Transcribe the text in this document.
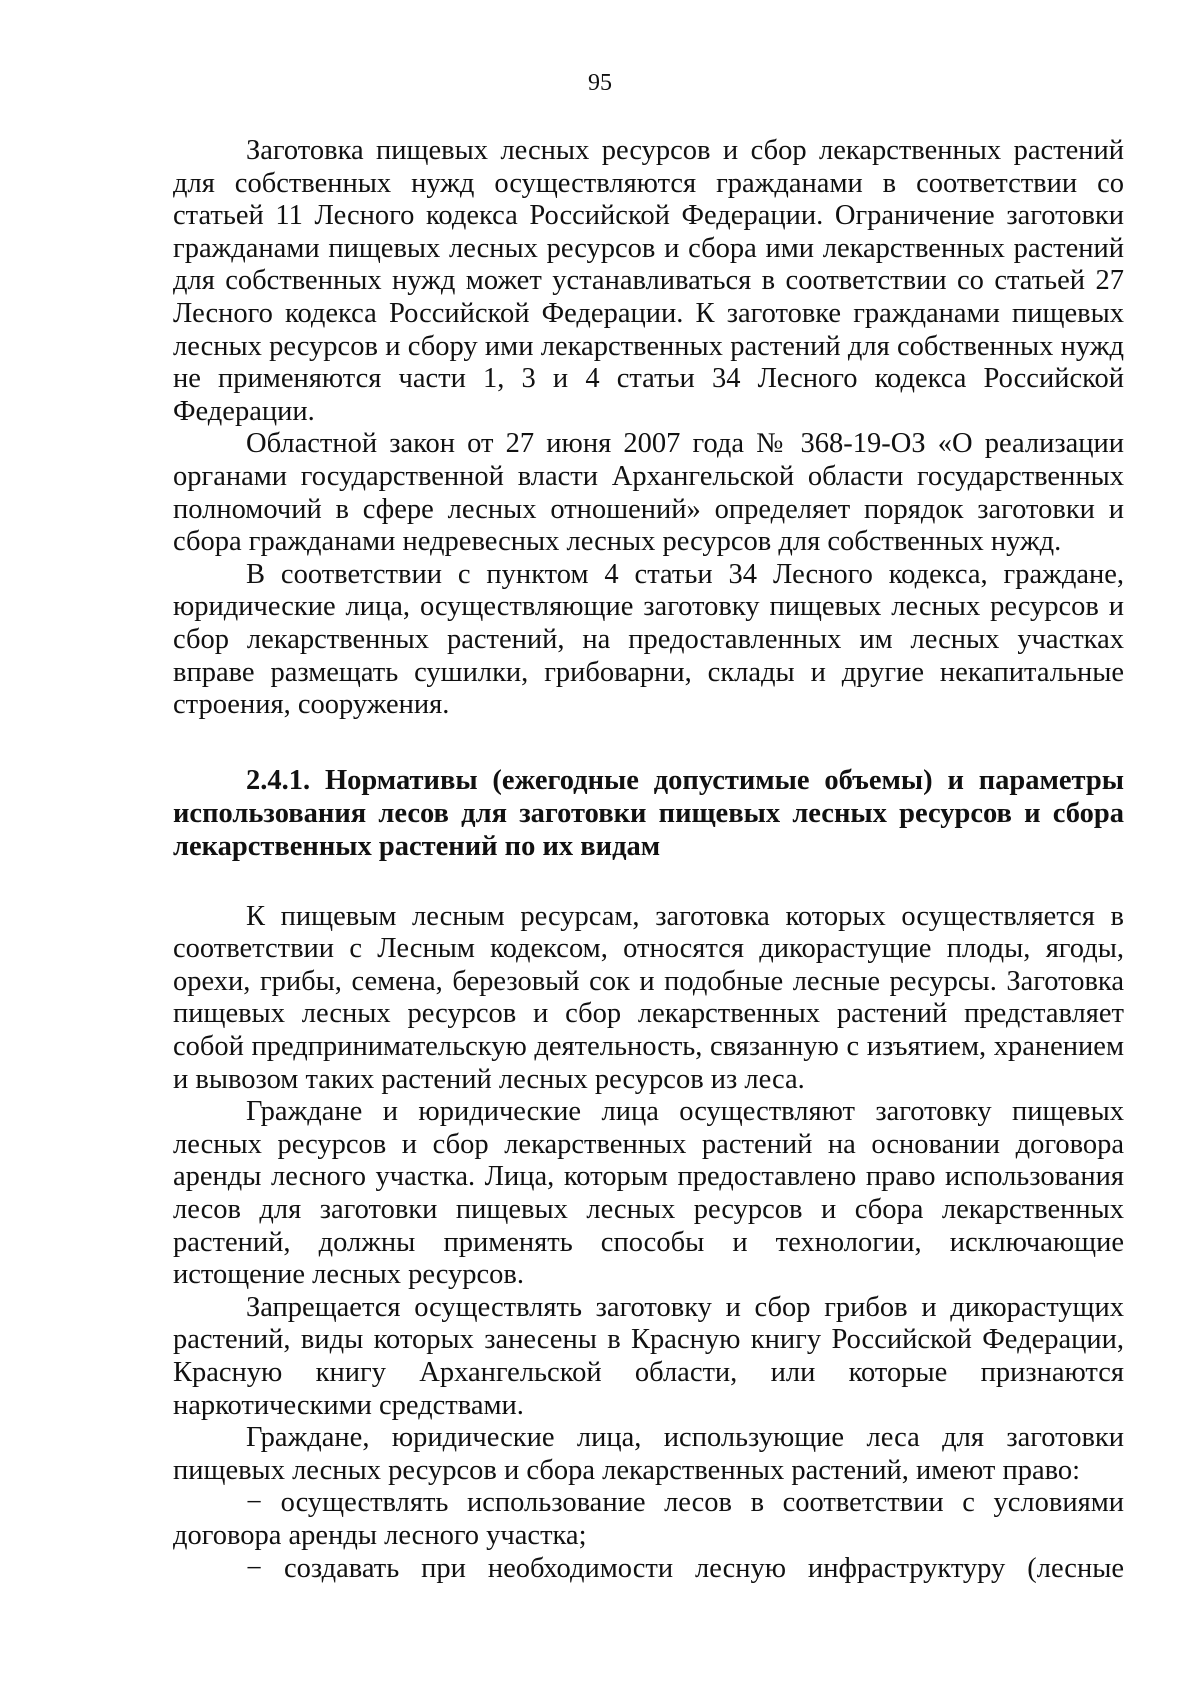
95

Заготовка пищевых лесных ресурсов и сбор лекарственных растений для собственных нужд осуществляются гражданами в соответствии со статьей 11 Лесного кодекса Российской Федерации. Ограничение заготовки гражданами пищевых лесных ресурсов и сбора ими лекарственных растений для собственных нужд может устанавливаться в соответствии со статьей 27 Лесного кодекса Российской Федерации. К заготовке гражданами пищевых лесных ресурсов и сбору ими лекарственных растений для собственных нужд не применяются части 1, 3 и 4 статьи 34 Лесного кодекса Российской Федерации.

Областной закон от 27 июня 2007 года № 368-19-ОЗ «О реализации органами государственной власти Архангельской области государственных полномочий в сфере лесных отношений» определяет порядок заготовки и сбора гражданами недревесных лесных ресурсов для собственных нужд.

В соответствии с пунктом 4 статьи 34 Лесного кодекса, граждане, юридические лица, осуществляющие заготовку пищевых лесных ресурсов и сбор лекарственных растений, на предоставленных им лесных участках вправе размещать сушилки, грибоварни, склады и другие некапитальные строения, сооружения.

2.4.1. Нормативы (ежегодные допустимые объемы) и параметры использования лесов для заготовки пищевых лесных ресурсов и сбора лекарственных растений по их видам

К пищевым лесным ресурсам, заготовка которых осуществляется в соответствии с Лесным кодексом, относятся дикорастущие плоды, ягоды, орехи, грибы, семена, березовый сок и подобные лесные ресурсы. Заготовка пищевых лесных ресурсов и сбор лекарственных растений представляет собой предпринимательскую деятельность, связанную с изъятием, хранением и вывозом таких растений лесных ресурсов из леса.

Граждане и юридические лица осуществляют заготовку пищевых лесных ресурсов и сбор лекарственных растений на основании договора аренды лесного участка. Лица, которым предоставлено право использования лесов для заготовки пищевых лесных ресурсов и сбора лекарственных растений, должны применять способы и технологии, исключающие истощение лесных ресурсов.

Запрещается осуществлять заготовку и сбор грибов и дикорастущих растений, виды которых занесены в Красную книгу Российской Федерации, Красную книгу Архангельской области, или которые признаются наркотическими средствами.

Граждане, юридические лица, использующие леса для заготовки пищевых лесных ресурсов и сбора лекарственных растений, имеют право:

− осуществлять использование лесов в соответствии с условиями договора аренды лесного участка;

− создавать при необходимости лесную инфраструктуру (лесные
